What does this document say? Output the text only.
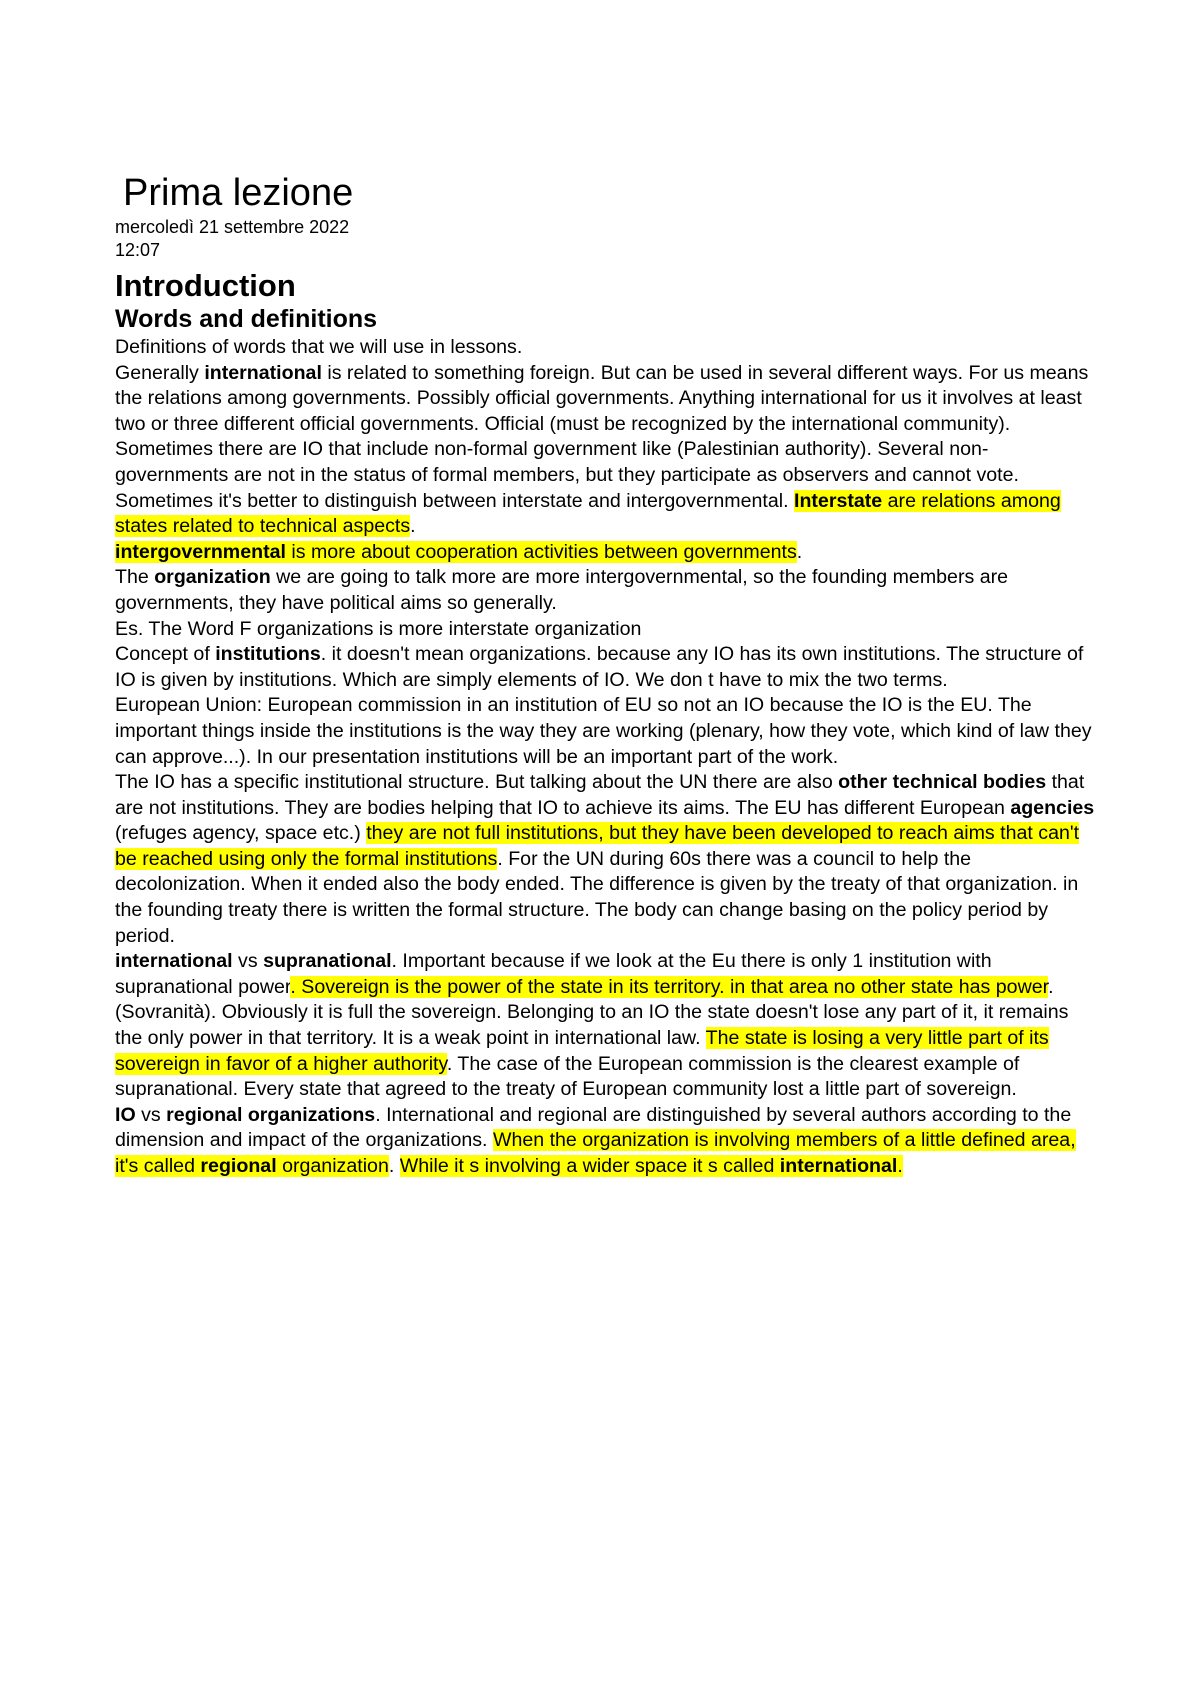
Prima lezione
mercoledì 21 settembre 2022
12:07
Introduction
Words and definitions

Definitions of words that we will use in lessons.

Generally international is related to something foreign. But can be used in several different ways. For us means the relations among governments. Possibly official governments. Anything international for us it involves at least two or three different official governments. Official (must be recognized by the international community).

Sometimes there are IO that include non-formal government like (Palestinian authority). Several non-governments are not in the status of formal members, but they participate as observers and cannot vote.

Sometimes it's better to distinguish between interstate and intergovernmental. Interstate are relations among states related to technical aspects.

intergovernmental is more about cooperation activities between governments.

The organization we are going to talk more are more intergovernmental, so the founding members are governments, they have political aims so generally.

Es. The Word F organizations is more interstate organization

Concept of institutions. it doesn't mean organizations. because any IO has its own institutions. The structure of IO is given by institutions. Which are simply elements of IO. We don t have to mix the two terms.

European Union: European commission in an institution of EU so not an IO because the IO is the EU. The important things inside the institutions is the way they are working (plenary, how they vote, which kind of law they can approve...). In our presentation institutions will be an important part of the work.

The IO has a specific institutional structure. But talking about the UN there are also other technical bodies that are not institutions. They are bodies helping that IO to achieve its aims. The EU has different European agencies (refuges agency, space etc.) they are not full institutions, but they have been developed to reach aims that can't be reached using only the formal institutions. For the UN during 60s there was a council to help the decolonization. When it ended also the body ended. The difference is given by the treaty of that organization. in the founding treaty there is written the formal structure. The body can change basing on the policy period by period.

international vs supranational. Important because if we look at the Eu there is only 1 institution with supranational power. Sovereign is the power of the state in its territory. in that area no other state has power. (Sovranità). Obviously it is full the sovereign. Belonging to an IO the state doesn't lose any part of it, it remains the only power in that territory. It is a weak point in international law. The state is losing a very little part of its sovereign in favor of a higher authority. The case of the European commission is the clearest example of supranational. Every state that agreed to the treaty of European community lost a little part of sovereign.

IO vs regional organizations. International and regional are distinguished by several authors according to the dimension and impact of the organizations. When the organization is involving members of a little defined area, it's called regional organization. While it s involving a wider space it s called international.
